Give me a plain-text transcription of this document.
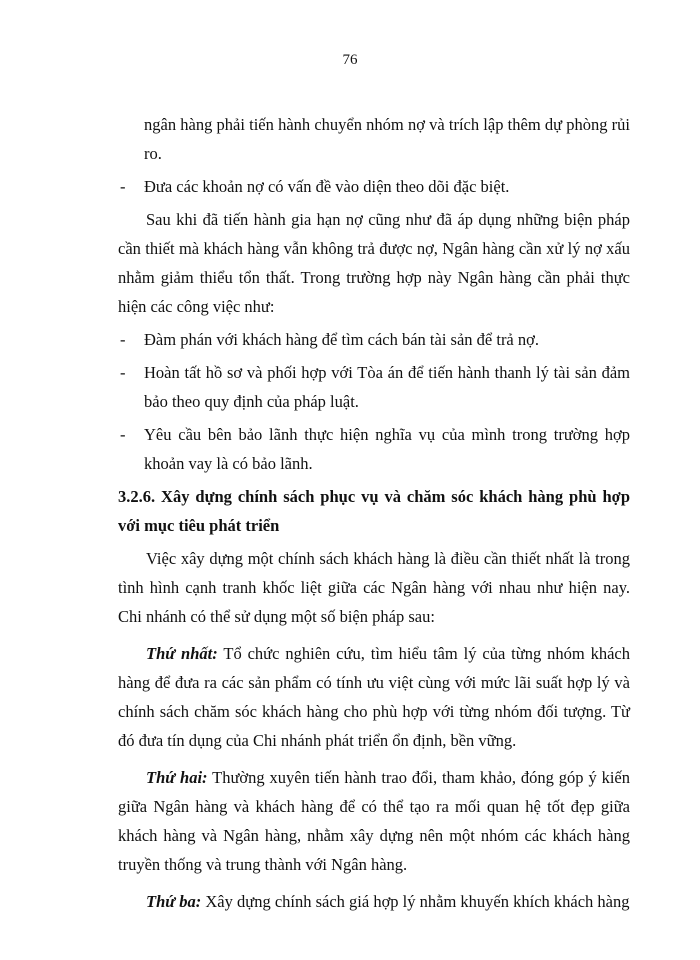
76

ngân hàng phải tiến hành chuyển nhóm nợ và trích lập thêm dự phòng rủi ro.

- Đưa các khoản nợ có vấn đề vào diện theo dõi đặc biệt.

Sau khi đã tiến hành gia hạn nợ cũng như đã áp dụng những biện pháp cần thiết mà khách hàng vẫn không trả được nợ, Ngân hàng cần xử lý nợ xấu nhằm giảm thiểu tổn thất. Trong trường hợp này Ngân hàng cần phải thực hiện các công việc như:

- Đàm phán với khách hàng để tìm cách bán tài sản để trả nợ.

- Hoàn tất hồ sơ và phối hợp với Tòa án để tiến hành thanh lý tài sản đảm bảo theo quy định của pháp luật.

- Yêu cầu bên bảo lãnh thực hiện nghĩa vụ của mình trong trường hợp khoản vay là có bảo lãnh.

3.2.6. Xây dựng chính sách phục vụ và chăm sóc khách hàng phù hợp với mục tiêu phát triển

Việc xây dựng một chính sách khách hàng là điều cần thiết nhất là trong tình hình cạnh tranh khốc liệt giữa các Ngân hàng với nhau như hiện nay. Chi nhánh có thể sử dụng một số biện pháp sau:

Thứ nhất: Tổ chức nghiên cứu, tìm hiểu tâm lý của từng nhóm khách hàng để đưa ra các sản phẩm có tính ưu việt cùng với mức lãi suất hợp lý và chính sách chăm sóc khách hàng cho phù hợp với từng nhóm đối tượng. Từ đó đưa tín dụng của Chi nhánh phát triển ổn định, bền vững.

Thứ hai: Thường xuyên tiến hành trao đổi, tham khảo, đóng góp ý kiến giữa Ngân hàng và khách hàng để có thể tạo ra mối quan hệ tốt đẹp giữa khách hàng và Ngân hàng, nhằm xây dựng nên một nhóm các khách hàng truyền thống và trung thành với Ngân hàng.

Thứ ba: Xây dựng chính sách giá hợp lý nhằm khuyến khích khách hàng
